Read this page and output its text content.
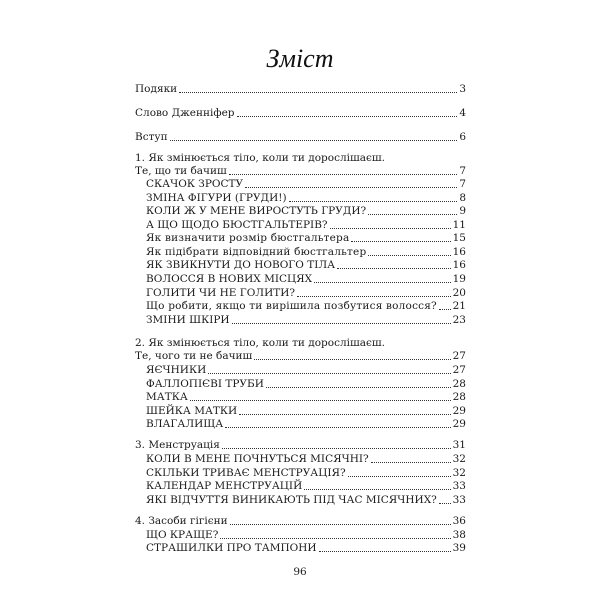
Зміст
Подяки	3
Слово Дженніфер	4
Вступ	6
1. Як змінюється тіло, коли ти дорослішаєш.
Те, що ти бачиш	7
СКАЧОК ЗРОСТУ	7
ЗМІНА ФІГУРИ (ГРУДИ!)	8
КОЛИ Ж У МЕНЕ ВИРОСТУТЬ ГРУДИ?	9
А ЩО ЩОДО БЮСТГАЛЬТЕРІВ?	11
Як визначити розмір бюстгальтера	15
Як підібрати відповідний бюстгальтер	16
ЯК ЗВИКНУТИ ДО НОВОГО ТІЛА	16
ВОЛОССЯ В НОВИХ МІСЦЯХ	19
ГОЛИТИ ЧИ НЕ ГОЛИТИ?	20
Що робити, якщо ти вирішила позбутися волосся? 21
ЗМІНИ ШКІРИ	23
2. Як змінюється тіло, коли ти дорослішаєш.
Те, чого ти не бачиш	27
ЯЄЧНИКИ	27
ФАЛЛОПІЄВІ ТРУБИ	28
МАТКА	28
ШЕЙКА МАТКИ	29
ВЛАГАЛИЩА	29
3. Менструація	31
КОЛИ В МЕНЕ ПОЧНУТЬСЯ МІСЯЧНІ?	32
СКІЛЬКИ ТРИВАЄ МЕНСТРУАЦІЯ?	32
КАЛЕНДАР МЕНСТРУАЦІЙ	33
ЯКІ ВІДЧУТТЯ ВИНИКАЮТЬ ПІД ЧАС МІСЯЧНИХ? 33
4. Засоби гігієни	36
ЩО КРАЩЕ?	38
СТРАШИЛКИ ПРО ТАМПОНИ	39
96
